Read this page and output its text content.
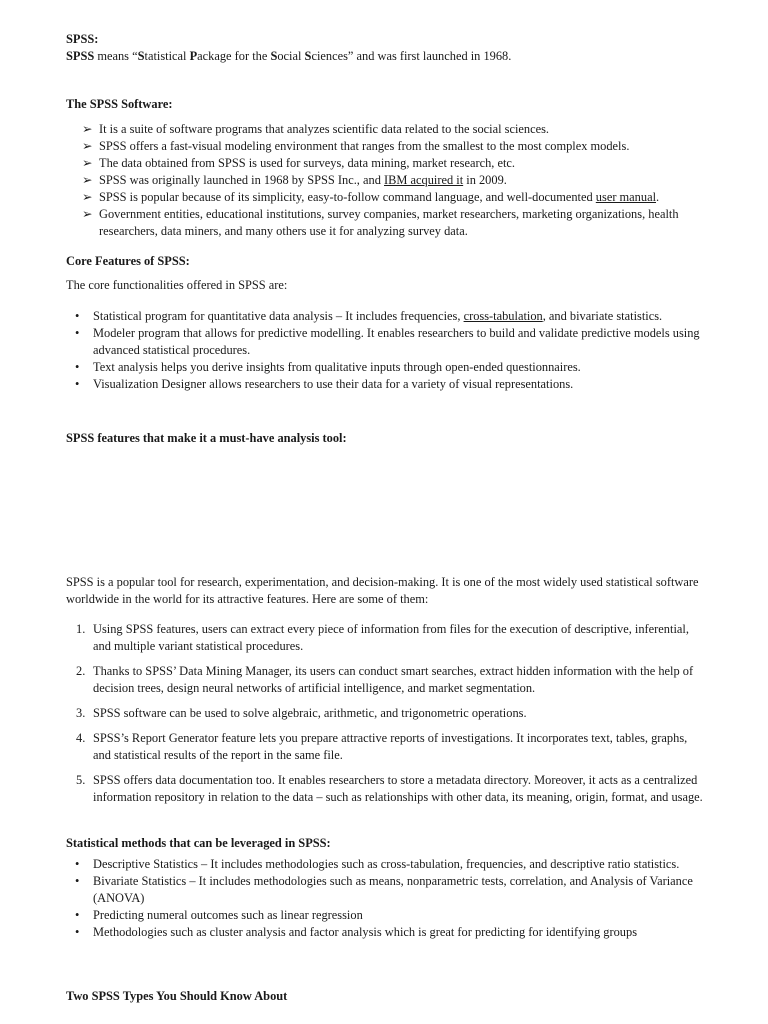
SPSS:

SPSS means “Statistical Package for the Social Sciences” and was first launched in 1968.

The SPSS Software:

➢ It is a suite of software programs that analyzes scientific data related to the social sciences.
➢ SPSS offers a fast-visual modeling environment that ranges from the smallest to the most complex models.
➢ The data obtained from SPSS is used for surveys, data mining, market research, etc.
➢ SPSS was originally launched in 1968 by SPSS Inc., and IBM acquired it in 2009.
➢ SPSS is popular because of its simplicity, easy-to-follow command language, and well-documented user manual.
➢ Government entities, educational institutions, survey companies, market researchers, marketing organizations, health researchers, data miners, and many others use it for analyzing survey data.

Core Features of SPSS:

The core functionalities offered in SPSS are:

• Statistical program for quantitative data analysis – It includes frequencies, cross-tabulation, and bivariate statistics.
• Modeler program that allows for predictive modelling. It enables researchers to build and validate predictive models using advanced statistical procedures.
• Text analysis helps you derive insights from qualitative inputs through open-ended questionnaires.
• Visualization Designer allows researchers to use their data for a variety of visual representations.

SPSS features that make it a must-have analysis tool:

SPSS is a popular tool for research, experimentation, and decision-making. It is one of the most widely used statistical software worldwide in the world for its attractive features. Here are some of them:

1. Using SPSS features, users can extract every piece of information from files for the execution of descriptive, inferential, and multiple variant statistical procedures.
2. Thanks to SPSS’ Data Mining Manager, its users can conduct smart searches, extract hidden information with the help of decision trees, design neural networks of artificial intelligence, and market segmentation.
3. SPSS software can be used to solve algebraic, arithmetic, and trigonometric operations.
4. SPSS’s Report Generator feature lets you prepare attractive reports of investigations. It incorporates text, tables, graphs, and statistical results of the report in the same file.
5. SPSS offers data documentation too. It enables researchers to store a metadata directory. Moreover, it acts as a centralized information repository in relation to the data – such as relationships with other data, its meaning, origin, format, and usage.

Statistical methods that can be leveraged in SPSS:

• Descriptive Statistics – It includes methodologies such as cross-tabulation, frequencies, and descriptive ratio statistics.
• Bivariate Statistics – It includes methodologies such as means, nonparametric tests, correlation, and Analysis of Variance (ANOVA)
• Predicting numeral outcomes such as linear regression
• Methodologies such as cluster analysis and factor analysis which is great for predicting for identifying groups

Two SPSS Types You Should Know About
